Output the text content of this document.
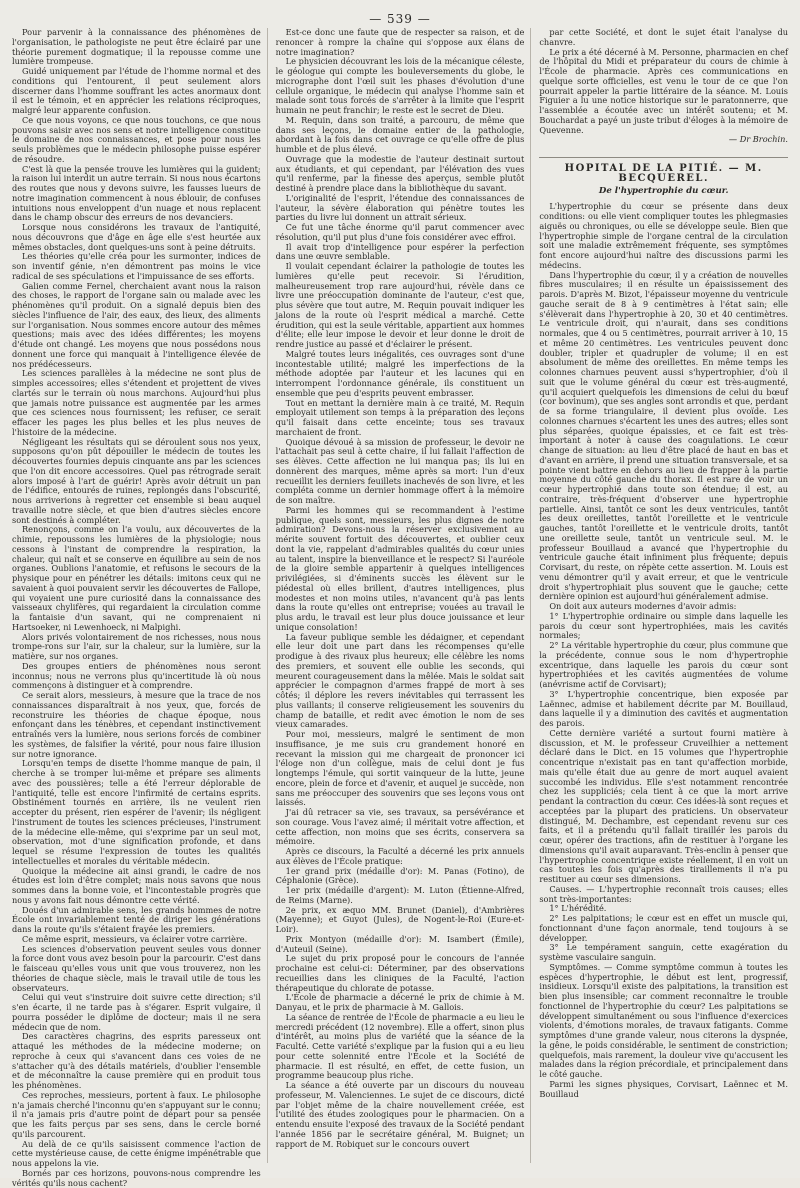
— 539 —

Pour parvenir à la connaissance des phénomènes de l'organisation, le pathologiste ne peut être éclairé par une théorie purement dogmatique; il la repousse comme une lumière trompeuse.

Guidé uniquement par l'étude de l'homme normal et des conditions qui l'entourent, il peut seulement alors discerner dans l'homme souffrant les actes anormaux dont il est le témoin, et en apprécier les relations réciproques, malgré leur apparente confusion.

Ce que nous voyons, ce que nous touchons, ce que nous pouvons saisir avec nos sens et notre intelligence constitue le domaine de nos connaissances, et pose pour nous les seuls problèmes que le médecin philosophe puisse espérer de résoudre.

C'est là que la pensée trouve les lumières qui la guident; la raison lui interdit un autre terrain. Si nous nous écartons des routes que nous y devons suivre, les fausses lueurs de notre imagination commencent à nous éblouir, de confuses intuitions nous enveloppent d'un nuage et nous replacent dans le champ obscur des erreurs de nos devanciers.

Lorsque nous considérons les travaux de l'antiquité, nous découvrons que d'âge en âge elle s'est heurtée aux mêmes obstacles, dont quelques-uns sont à peine détruits.

Les théories qu'elle créa pour les surmonter, indices de son inventif génie, n'en démontrent pas moins le vice radical de ses spéculations et l'impuissance de ses efforts.

Galien comme Fernel, cherchaient avant nous la raison des choses, le rapport de l'organe sain ou malade avec les phénomènes qu'il produit. On a signalé depuis bien des siècles l'influence de l'air, des eaux, des lieux, des aliments sur l'organisation. Nous sommes encore autour des mêmes questions; mais avec des idées différentes; les moyens d'étude ont changé. Les moyens que nous possédons nous donnent une force qui manquait à l'intelligence élevée de nos prédécesseurs.

Les sciences parallèles à la médecine ne sont plus de simples accessoires; elles s'étendent et projettent de vives clartés sur le terrain où nous marchons. Aujourd'hui plus que jamais notre puissance est augmentée par les armes que ces sciences nous fournissent; les refuser, ce serait effacer les pages les plus belles et les plus neuves de l'histoire de la médecine.

Négligeant les résultats qui se déroulent sous nos yeux, supposons qu'on pût dépouiller le médecin de toutes les découvertes fournies depuis cinquante ans par les sciences que l'on dit encore accessoires. Quel pas rétrograde serait alors imposé à l'art de guérir! Après avoir détruit un pan de l'édifice, entourés de ruines, replongés dans l'obscurité, nous arriverions à regretter cet ensemble si beau auquel travaille notre siècle, et que bien d'autres siècles encore sont destinés à compléter.

Renonçons, comme on l'a voulu, aux découvertes de la chimie, repoussons les lumières de la physiologie; nous cessons à l'instant de comprendre la respiration, la chaleur, qui naît et se conserve en équilibre au sein de nos organes. Oublions l'anatomie, et refusons le secours de la physique pour en pénétrer les détails: imitons ceux qui ne savaient à quoi pouvaient servir les découvertes de Fallope, qui voyaient une pure curiosité dans la connaissance des vaisseaux chylifères, qui regardaient la circulation comme la fantaisie d'un savant, qui ne comprenaient ni Hartsoeker, ni Lewenhoeck, ni Malpighi.

Alors privés volontairement de nos richesses, nous nous trompe-rons sur l'air, sur la chaleur, sur la lumière, sur la matière, sur nos organes.

Des groupes entiers de phénomènes nous seront inconnus; nous ne verrons plus qu'incertitude là où nous commençons à distinguer et à comprendre.

Ce serait alors, messieurs, à mesure que la trace de nos connaissances disparaîtrait à nos yeux, que, forcés de reconstruire les théories de chaque époque, nous enfonçant dans les ténèbres, et cependant instinctivement entraînés vers la lumière, nous serions forcés de combiner les systèmes, de falsifier la vérité, pour nous faire illusion sur notre ignorance.

Lorsqu'en temps de disette l'homme manque de pain, il cherche à se tromper lui-même et prépare ses aliments avec des poussières; telle a été l'erreur déplorable de l'antiquité, telle est encore l'infirmité de certains esprits. Obstinément tournés en arrière, ils ne veulent rien accepter du présent, rien espérer de l'avenir; ils négligent l'instrument de toutes les sciences précieuses, l'instrument de la médecine elle-même, qui s'exprime par un seul mot, observation, mot d'une signification profonde, et dans lequel se résume l'expression de toutes les qualités intellectuelles et morales du véritable médecin.

Quoique la médecine ait ainsi grandi, le cadre de nos études est loin d'être complet; mais nous savons que nous sommes dans la bonne voie, et l'incontestable progrès que nous y avons fait nous démontre cette vérité.

Doués d'un admirable sens, les grands hommes de notre École ont invariablement tenté de diriger les générations dans la route qu'ils s'étaient frayée les premiers.

Ce même esprit, messieurs, va éclairer votre carrière.

Les sciences d'observation peuvent seules vous donner la force dont vous avez besoin pour la parcourir. C'est dans le faisceau qu'elles vous unit que vous trouverez, non les théories de chaque siècle, mais le travail utile de tous les observateurs.

Celui qui veut s'instruire doit suivre cette direction; s'il s'en écarte, il ne tarde pas à s'égarer. Esprit vulgaire, il pourra posséder le diplôme de docteur; mais il ne sera médecin que de nom.

Des caractères chagrins, des esprits paresseux ont attaqué les méthodes de la médecine moderne; on reproche à ceux qui s'avancent dans ces voies de ne s'attacher qu'à des détails matériels, d'oublier l'ensemble et de méconnaître la cause première qui en produit tous les phénomènes.

Ces reproches, messieurs, portent à faux. Le philosophe n'a jamais cherché l'inconnu qu'en s'appuyant sur le connu; il n'a jamais pris d'autre point de départ pour sa pensée que les faits perçus par ses sens, dans le cercle borné qu'ils parcourent.

Au delà de ce qu'ils saisissent commence l'action de cette mystérieuse cause, de cette énigme impénétrable que nous appelons la vie.

Bornés par ces horizons, pouvons-nous comprendre les vérités qu'ils nous cachent?

Est-ce donc une faute que de respecter sa raison, et de renoncer à rompre la chaîne qui s'oppose aux élans de notre imagination?

Le physicien découvrant les lois de la mécanique céleste, le géologue qui compte les bouleversements du globe, le micrographe dont l'œil suit les phases d'évolution d'une cellule organique, le médecin qui analyse l'homme sain et malade sont tous forcés de s'arrêter à la limite que l'esprit humain ne peut franchir; le reste est le secret de Dieu.

M. Requin, dans son traité, a parcouru, de même que dans ses leçons, le domaine entier de la pathologie, abordant à la fois dans cet ouvrage ce qu'elle offre de plus humble et de plus élevé.

Ouvrage que la modestie de l'auteur destinait surtout aux étudiants, et qui cependant, par l'élévation des vues qu'il renferme, par la finesse des aperçus, semble plutôt destiné à prendre place dans la bibliothèque du savant.

L'originalité de l'esprit, l'étendue des connaissances de l'auteur, la sévère élaboration qui pénètre toutes les parties du livre lui donnent un attrait sérieux.

Ce fut une tâche énorme qu'il parut commencer avec résolution, qu'il put plus d'une fois considérer avec effroi.

Il avait trop d'intelligence pour espérer la perfection dans une œuvre semblable.

Il voulait cependant éclairer la pathologie de toutes les lumières qu'elle peut recevoir. Si l'érudition, malheureusement trop rare aujourd'hui, révèle dans ce livre une préoccupation dominante de l'auteur, c'est que, plus sévère que tout autre, M. Requin pouvait indiquer les jalons de la route où l'esprit médical a marché. Cette érudition, qui est la seule véritable, appartient aux hommes d'élite; elle leur impose le devoir et leur donne le droit de rendre justice au passé et d'éclairer le présent.

Malgré toutes leurs inégalités, ces ouvrages sont d'une incontestable utilité; malgré les imperfections de la méthode adoptée par l'auteur et les lacunes qui en interrompent l'ordonnance générale, ils constituent un ensemble que peu d'esprits peuvent embrasser.

Tout en mettant la dernière main à ce traité, M. Requin employait utilement son temps à la préparation des leçons qu'il faisait dans cette enceinte; tous ses travaux marchaient de front.

Quoique dévoué à sa mission de professeur, le devoir ne l'attachait pas seul à cette chaire, il lui fallait l'affection de ses élèves. Cette affection ne lui manqua pas; ils lui en donnèrent des marques, même après sa mort: l'un d'eux recueillit les derniers feuillets inachevés de son livre, et les compléta comme un dernier hommage offert à la mémoire de son maître.

Parmi les hommes qui se recommandent à l'estime publique, quels sont, messieurs, les plus dignes de notre admiration? Devons-nous la réserver exclusivement au mérite souvent fortuit des découvertes, et oublier ceux dont la vie, rappelant d'admirables qualités du cœur unies au talent, inspire la bienveillance et le respect? Si l'auréole de la gloire semble appartenir à quelques intelligences privilégiées, si d'éminents succès les élèvent sur le piédestal où elles brillent, d'autres intelligences, plus modestes et non moins utiles, n'avancent qu'à pas lents dans la route qu'elles ont entreprise; vouées au travail le plus ardu, le travail est leur plus douce jouissance et leur unique consolation!

La faveur publique semble les dédaigner, et cependant elle leur doit une part dans les récompenses qu'elle prodigue à des rivaux plus heureux; elle célèbre les noms des premiers, et souvent elle oublie les seconds, qui meurent courageusement dans la mêlée. Mais le soldat sait apprécier le compagnon d'armes frappé de mort à ses côtés; il déplore les revers inévitables qui terrassent les plus vaillants; il conserve religieusement les souvenirs du champ de bataille, et redit avec émotion le nom de ses vieux camarades.

Pour moi, messieurs, malgré le sentiment de mon insuffisance, je me suis cru grandement honoré en recevant la mission qui me chargeait de prononcer ici l'éloge non d'un collègue, mais de celui dont je fus longtemps l'émule, qui sortit vainqueur de la lutte, jeune encore, plein de force et d'avenir, et auquel je succède, non sans me préoccuper des souvenirs que ses leçons vous ont laissés.

J'ai dû retracer sa vie, ses travaux, sa persévérance et son courage. Vous l'avez aimé; il méritait votre affection, et cette affection, non moins que ses écrits, conservera sa mémoire.

Après ce discours, la Faculté a décerné les prix annuels aux élèves de l'École pratique:

1er grand prix (médaille d'or): M. Panas (Fotino), de Céphalonie (Grèce).

1er prix (médaille d'argent): M. Luton (Étienne-Alfred, de Reims (Marne).

2e prix, ex æquo MM. Brunet (Daniel), d'Ambrières (Mayenne); et Guyot (Jules), de Nogent-le-Roi (Eure-et-Loir).

Prix Montyon (médaille d'or): M. Isambert (Émile), d'Auteuil (Seine).

Le sujet du prix proposé pour le concours de l'année prochaine est celui-ci: Déterminer, par des observations recueillies dans les cliniques de la Faculté, l'action thérapeutique du chlorate de potasse.

L'École de pharmacie a décerné le prix de chimie à M. Danyau, et le prix de pharmacie à M. Gallois.

La séance de rentrée de l'École de pharmacie a eu lieu le mercredi précédent (12 novembre). Elle a offert, sinon plus d'intérêt, au moins plus de variété que la séance de la Faculté. Cette variété s'explique par la fusion qui a eu lieu pour cette solennité entre l'École et la Société de pharmacie. Il est résulté, en effet, de cette fusion, un programme beaucoup plus riche.

La séance a été ouverte par un discours du nouveau professeur, M. Valenciennes. Le sujet de ce discours, dicté par l'objet même de la chaire nouvellement créée, est l'utilité des études zoologiques pour le pharmacien. On a entendu ensuite l'exposé des travaux de la Société pendant l'année 1856 par le secrétaire général, M. Buignet; un rapport de M. Robiquet sur le concours ouvert

par cette Société, et dont le sujet était l'analyse du chanvre.

Le prix a été décerné à M. Personne, pharmacien en chef de l'hôpital du Midi et préparateur du cours de chimie à l'École de pharmacie. Après ces communications en quelque sorte officielles, est venu le tour de ce que l'on pourrait appeler la partie littéraire de la séance. M. Louis Figuier a lu une notice historique sur le paratonnerre, que l'assemblée a écoutée avec un intérêt soutenu; et M. Bouchardat a payé un juste tribut d'éloges à la mémoire de Quevenne.

— Dr Brochin.

HOPITAL DE LA PITIÉ. — M. BECQUEREL.
De l'hypertrophie du cœur.

L'hypertrophie du cœur se présente dans deux conditions: ou elle vient compliquer toutes les phlegmasies aiguës ou chroniques, ou elle se développe seule. Bien que l'hypertrophie simple de l'organe central de la circulation soit une maladie extrêmement fréquente, ses symptômes font encore aujourd'hui naître des discussions parmi les médecins.

Dans l'hypertrophie du cœur, il y a création de nouvelles fibres musculaires; il en résulte un épaississement des parois. D'après M. Bizot, l'épaisseur moyenne du ventricule gauche serait de 8 à 9 centimètres à l'état sain; elle s'élèverait dans l'hypertrophie à 20, 30 et 40 centimètres. Le ventricule droit, qui n'aurait, dans ses conditions normales, que 4 ou 5 centimètres, pourrait arriver à 10, 15 et même 20 centimètres. Les ventricules peuvent donc doubler, tripler et quadrupler de volume; il en est absolument de même des oreillettes. En même temps les colonnes charnues peuvent aussi s'hypertrophier, d'où il suit que le volume général du cœur est très-augmenté, qu'il acquiert quelquefois les dimensions de celui du bœuf (cor bovinum), que ses angles sont arrondis et que, perdant de sa forme triangulaire, il devient plus ovoïde. Les colonnes charnues s'écartent les unes des autres; elles sont plus séparées, quoique épaissies, et ce fait est très-important à noter à cause des coagulations. Le cœur change de situation: au lieu d'être placé de haut en bas et d'avant en arrière, il prend une situation transversale, et sa pointe vient battre en dehors au lieu de frapper à la partie moyenne du côté gauche du thorax. Il est rare de voir un cœur hypertrophié dans toute son étendue; il est, au contraire, très-fréquent d'observer une hypertrophie partielle. Ainsi, tantôt ce sont les deux ventricules, tantôt les deux oreillettes, tantôt l'oreillette et le ventricule gauches, tantôt l'oreillette et le ventricule droits, tantôt une oreillette seule, tantôt un ventricule seul. M. le professeur Bouillaud a avancé que l'hypertrophie du ventricule gauche était infiniment plus fréquente; depuis Corvisart, du reste, on répète cette assertion. M. Louis est venu démontrer qu'il y avait erreur, et que le ventricule droit s'hypertrophiait plus souvent que le gauche; cette dernière opinion est aujourd'hui généralement admise.

On doit aux auteurs modernes d'avoir admis:

1° L'hypertrophie ordinaire ou simple dans laquelle les parois du cœur sont hypertrophiées, mais les cavités normales;

2° La véritable hypertrophie du cœur, plus commune que la précédente, connue sous le nom d'hypertrophie excentrique, dans laquelle les parois du cœur sont hypertrophiées et les cavités augmentées de volume (anévrisme actif de Corvisart);

3° L'hypertrophie concentrique, bien exposée par Laënnec, admise et habilement décrite par M. Bouillaud, dans laquelle il y a diminution des cavités et augmentation des parois.

Cette dernière variété a surtout fourni matière à discussion, et M. le professeur Cruveilhier a nettement déclaré dans le Dict. en 15 volumes que l'hypertrophie concentrique n'existait pas en tant qu'affection morbide, mais qu'elle était due au genre de mort auquel avaient succombé les individus. Elle s'est notamment rencontrée chez les suppliciés; cela tient à ce que la mort arrive pendant la contraction du cœur. Ces idées-là sont reçues et acceptées par la plupart des praticiens. Un observateur distingué, M. Dechambre, est cependant revenu sur ces faits, et il a prétendu qu'il fallait tiraillér les parois du cœur, opérer des tractions, afin de restituer à l'organe les dimensions qu'il avait auparavant. Très-enclin à penser que l'hypertrophie concentrique existe réellement, il en voit un cas toutes les fois qu'après des tiraillements il n'a pu restituer au cœur ses dimensions.

Causes. — L'hypertrophie reconnaît trois causes; elles sont très-importantes:

1° L'hérédité.

2° Les palpitations; le cœur est en effet un muscle qui, fonctionnant d'une façon anormale, tend toujours à se développer.

3° Le tempérament sanguin, cette exagération du système vasculaire sanguin.

Symptômes. — Comme symptôme commun à toutes les espèces d'hypertrophie, le début est lent, progressif, insidieux. Lorsqu'il existe des palpitations, la transition est bien plus insensible; car comment reconnaître le trouble fonctionnel de l'hypertrophie du cœur? Les palpitations se développent simultanément ou sous l'influence d'exercices violents, d'émotions morales, de travaux fatigants. Comme symptômes d'une grande valeur, nous citerons la dyspnée, la gêne, le poids considérable, le sentiment de constriction; quelquefois, mais rarement, la douleur vive qu'accusent les malades dans la région précordiale, et principalement dans le côté gauche.

Parmi les signes physiques, Corvisart, Laënnec et M. Bouillaud
